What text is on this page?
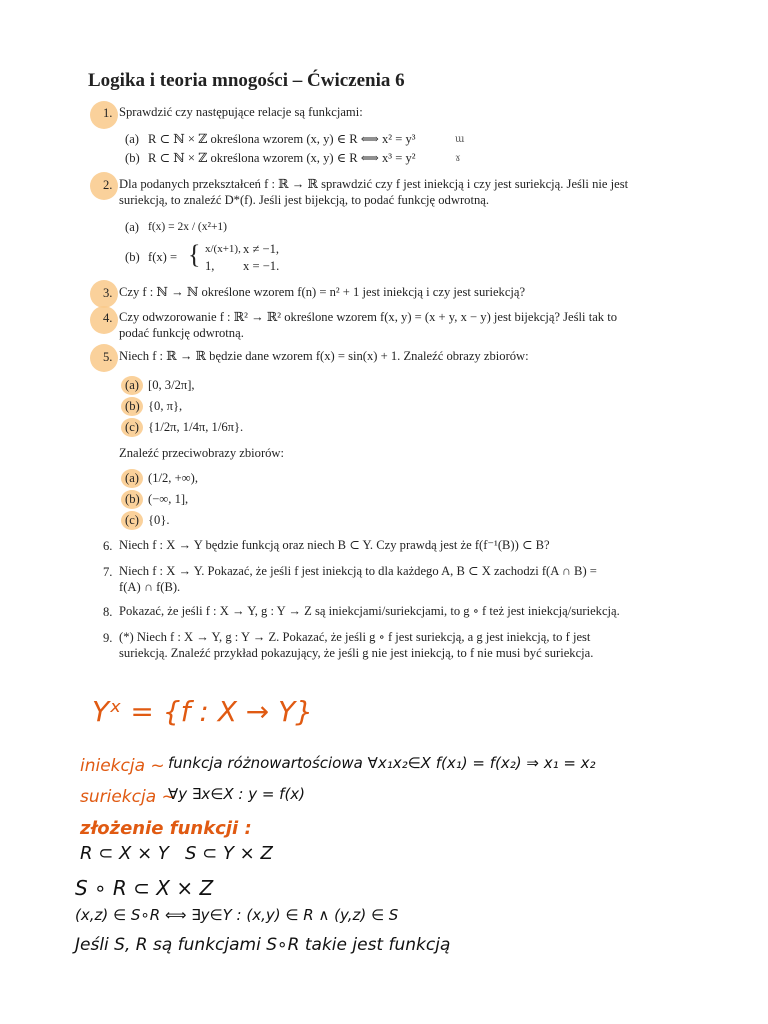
Logika i teoria mnogości – Ćwiczenia 6
1. Sprawdzić czy następujące relacje są funkcjami:
(a) R ⊂ ℕ × ℤ określona wzorem (x, y) ∈ R ⟺ x² = y³	ɯ
(b) R ⊂ ℕ × ℤ określona wzorem (x, y) ∈ R ⟺ x³ = y²	ɤ
2. Dla podanych przekształceń f : ℝ → ℝ sprawdzić czy f jest iniekcją i czy jest suriekcją. Jeśli nie jest
suriekcją, to znaleźć D*(f). Jeśli jest bijekcją, to podać funkcję odwrotną.
(a) f(x) = 2x / (x²+1)
(b) f(x) = { x/(x+1), x ≠ −1,
1, x = −1.
3. Czy f : ℕ → ℕ określone wzorem f(n) = n² + 1 jest iniekcją i czy jest suriekcją?
4. Czy odwzorowanie f : ℝ² → ℝ² określone wzorem f(x, y) = (x + y, x − y) jest bijekcją? Jeśli tak to
podać funkcję odwrotną.
5. Niech f : ℝ → ℝ będzie dane wzorem f(x) = sin(x) + 1. Znaleźć obrazy zbiorów:
(a) [0, 3/2π],
(b) {0, π},
(c) {1/2π, 1/4π, 1/6π}.
Znaleźć przeciwobrazy zbiorów:
(a) (1/2, +∞),
(b) (−∞, 1],
(c) {0}.
6. Niech f : X → Y będzie funkcją oraz niech B ⊂ Y. Czy prawdą jest że f(f⁻¹(B)) ⊂ B?
7. Niech f : X → Y. Pokazać, że jeśli f jest iniekcją to dla każdego A, B ⊂ X zachodzi f(A ∩ B) =
f(A) ∩ f(B).
8. Pokazać, że jeśli f : X → Y, g : Y → Z są iniekcjami/suriekcjami, to g ∘ f też jest iniekcją/suriekcją.
9. (*) Niech f : X → Y, g : Y → Z. Pokazać, że jeśli g ∘ f jest suriekcją, a g jest iniekcją, to f jest
suriekcją. Znaleźć przykład pokazujący, że jeśli g nie jest iniekcją, to f nie musi być suriekcja.
Yˣ = {f : X → Y}
iniekcja ~ funkcja różnowartościowa ∀x₁x₂∈X f(x₁) = f(x₂) ⇒ x₁ = x₂
suriekcja ~
∀y ∃x∈X : y = f(x)
złożenie funkcji :
R ⊂ X × Y S ⊂ Y × Z
S ∘ R ⊂ X × Z
(x,z) ∈ S∘R ⟺ ∃y∈Y : (x,y) ∈ R ∧ (y,z) ∈ S
Jeśli S, R są funkcjami S∘R takie jest funkcją
